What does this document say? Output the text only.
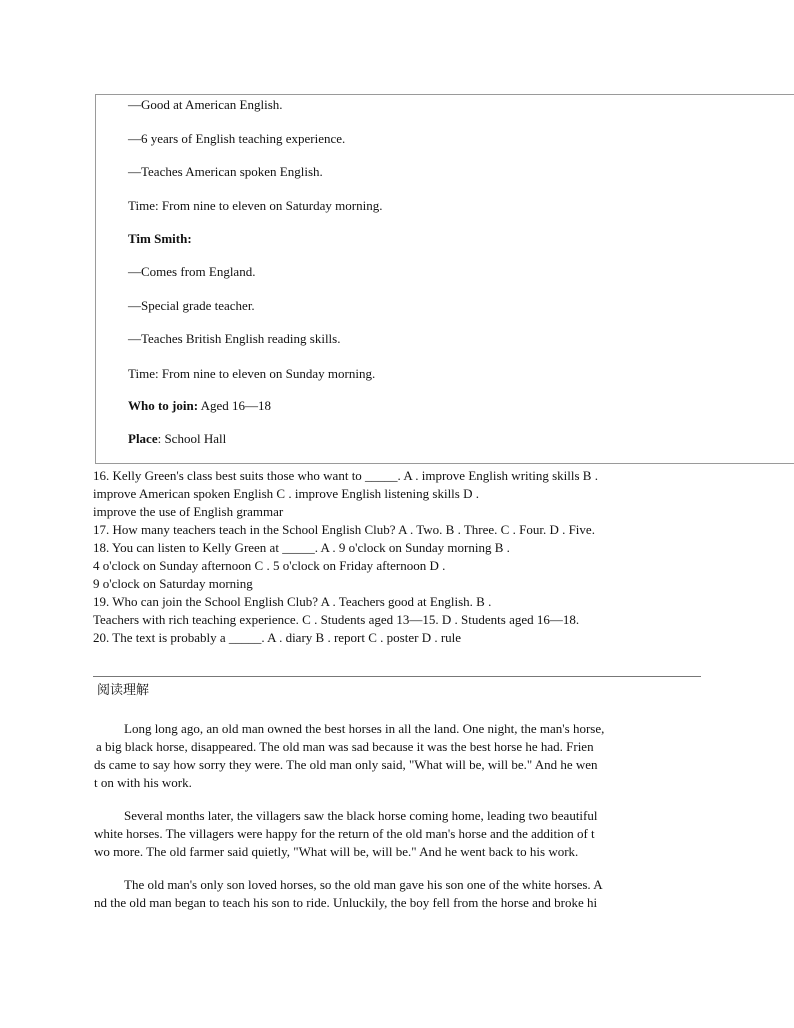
—Good at American English.
—6 years of English teaching experience.
—Teaches American spoken English.
Time: From nine to eleven on Saturday morning.
Tim Smith:
—Comes from England.
—Special grade teacher.
—Teaches British English reading skills.
Time: From nine to eleven on Sunday morning.
Who to join: Aged 16—18
Place: School Hall
16. Kelly Green's class best suits those who want to _____. A . improve English writing skills B .
improve American spoken English C . improve English listening skills D .
improve the use of English grammar
17. How many teachers teach in the School English Club? A . Two. B . Three. C . Four. D . Five.
18. You can listen to Kelly Green at _____. A . 9 o'clock on Sunday morning B .
4 o'clock on Sunday afternoon C . 5 o'clock on Friday afternoon D .
9 o'clock on Saturday morning
19. Who can join the School English Club? A . Teachers good at English. B .
Teachers with rich teaching experience. C . Students aged 13—15. D . Students aged 16—18.
20. The text is probably a _____. A . diary B . report C . poster D . rule
阅读理解
Long long ago, an old man owned the best horses in all the land. One night, the man's horse,
a big black horse, disappeared. The old man was sad because it was the best horse he had. Frien
ds came to say how sorry they were. The old man only said, "What will be, will be." And he wen
t on with his work.
Several months later, the villagers saw the black horse coming home, leading two beautiful
white horses. The villagers were happy for the return of the old man's horse and the addition of t
wo more. The old farmer said quietly, "What will be, will be." And he went back to his work.
The old man's only son loved horses, so the old man gave his son one of the white horses. A
nd the old man began to teach his son to ride. Unluckily, the boy fell from the horse and broke hi
